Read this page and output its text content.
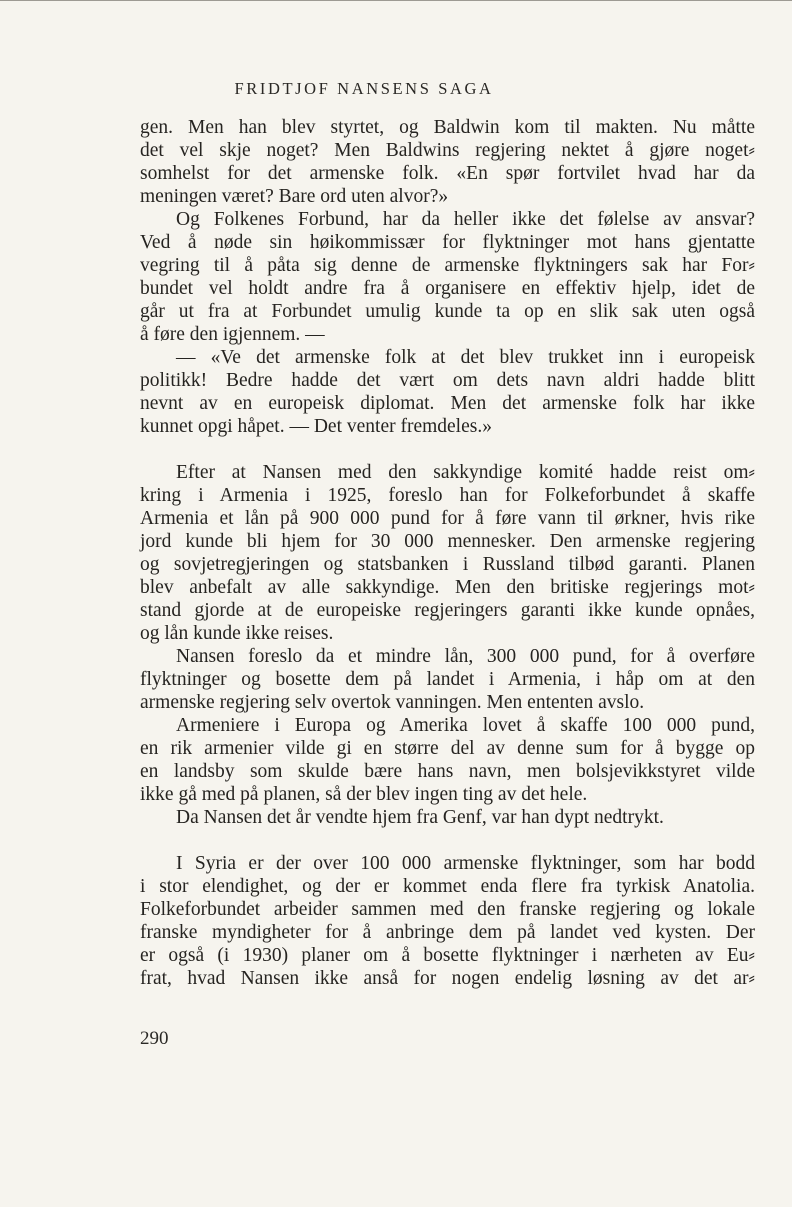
FRIDTJOF NANSENS SAGA
gen. Men han blev styrtet, og Baldwin kom til makten. Nu måtte
det vel skje noget? Men Baldwins regjering nektet å gjøre noget⸗
somhelst for det armenske folk. «En spør fortvilet hvad har da
meningen været? Bare ord uten alvor?»
Og Folkenes Forbund, har da heller ikke det følelse av ansvar?
Ved å nøde sin høikommissær for flyktninger mot hans gjentatte
vegring til å påta sig denne de armenske flyktningers sak har For⸗
bundet vel holdt andre fra å organisere en effektiv hjelp, idet de
går ut fra at Forbundet umulig kunde ta op en slik sak uten også
å føre den igjennem. —
— «Ve det armenske folk at det blev trukket inn i europeisk
politikk! Bedre hadde det vært om dets navn aldri hadde blitt
nevnt av en europeisk diplomat. Men det armenske folk har ikke
kunnet opgi håpet. — Det venter fremdeles.»
Efter at Nansen med den sakkyndige komité hadde reist om⸗
kring i Armenia i 1925, foreslo han for Folkeforbundet å skaffe
Armenia et lån på 900 000 pund for å føre vann til ørkner, hvis rike
jord kunde bli hjem for 30 000 mennesker. Den armenske regjering
og sovjetregjeringen og statsbanken i Russland tilbød garanti. Planen
blev anbefalt av alle sakkyndige. Men den britiske regjerings mot⸗
stand gjorde at de europeiske regjeringers garanti ikke kunde opnåes,
og lån kunde ikke reises.
Nansen foreslo da et mindre lån, 300 000 pund, for å overføre
flyktninger og bosette dem på landet i Armenia, i håp om at den
armenske regjering selv overtok vanningen. Men ententen avslo.
Armeniere i Europa og Amerika lovet å skaffe 100 000 pund,
en rik armenier vilde gi en større del av denne sum for å bygge op
en landsby som skulde bære hans navn, men bolsjevikkstyret vilde
ikke gå med på planen, så der blev ingen ting av det hele.
Da Nansen det år vendte hjem fra Genf, var han dypt nedtrykt.
I Syria er der over 100 000 armenske flyktninger, som har bodd
i stor elendighet, og der er kommet enda flere fra tyrkisk Anatolia.
Folkeforbundet arbeider sammen med den franske regjering og lokale
franske myndigheter for å anbringe dem på landet ved kysten. Der
er også (i 1930) planer om å bosette flyktninger i nærheten av Eu⸗
frat, hvad Nansen ikke anså for nogen endelig løsning av det ar⸗
290
